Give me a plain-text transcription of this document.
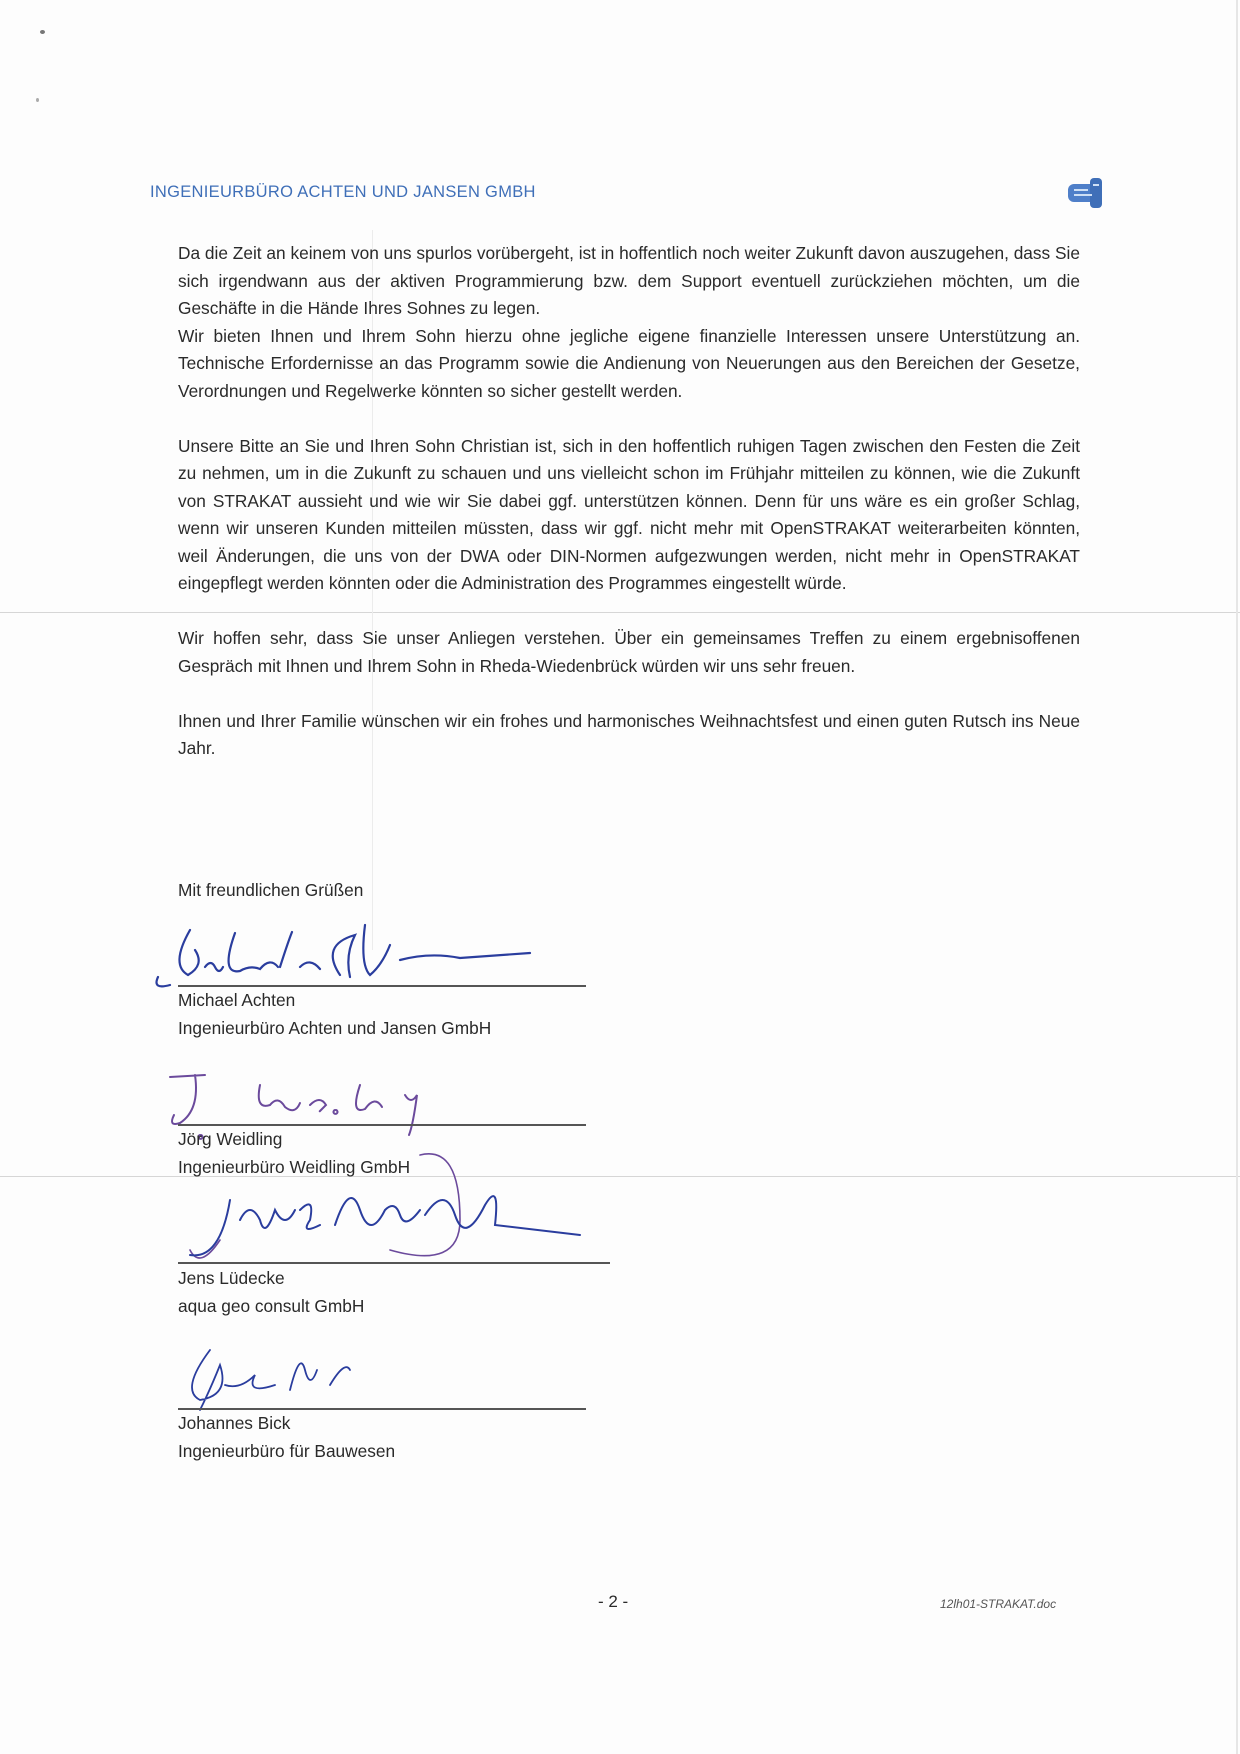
INGENIEURBÜRO ACHTEN UND JANSEN GMBH

Da die Zeit an keinem von uns spurlos vorübergeht, ist in hoffentlich noch weiter Zukunft davon auszugehen, dass Sie sich irgendwann aus der aktiven Programmierung bzw. dem Support eventuell zurückziehen möchten, um die Geschäfte in die Hände Ihres Sohnes zu legen.

Wir bieten Ihnen und Ihrem Sohn hierzu ohne jegliche eigene finanzielle Interessen unsere Unterstützung an. Technische Erfordernisse an das Programm sowie die Andienung von Neuerungen aus den Bereichen der Gesetze, Verordnungen und Regelwerke könnten so sicher gestellt werden.

Unsere Bitte an Sie und Ihren Sohn Christian ist, sich in den hoffentlich ruhigen Tagen zwischen den Festen die Zeit zu nehmen, um in die Zukunft zu schauen und uns vielleicht schon im Frühjahr mitteilen zu können, wie die Zukunft von STRAKAT aussieht und wie wir Sie dabei ggf. unterstützen können. Denn für uns wäre es ein großer Schlag, wenn wir unseren Kunden mitteilen müssten, dass wir ggf. nicht mehr mit OpenSTRAKAT weiterarbeiten könnten, weil Änderungen, die uns von der DWA oder DIN-Normen aufgezwungen werden, nicht mehr in OpenSTRAKAT eingepflegt werden könnten oder die Administration des Programmes eingestellt würde.

Wir hoffen sehr, dass Sie unser Anliegen verstehen. Über ein gemeinsames Treffen zu einem ergebnisoffenen Gespräch mit Ihnen und Ihrem Sohn in Rheda-Wiedenbrück würden wir uns sehr freuen.

Ihnen und Ihrer Familie wünschen wir ein frohes und harmonisches Weihnachtsfest und einen guten Rutsch ins Neue Jahr.

Mit freundlichen Grüßen
Michael Achten
Ingenieurbüro Achten und Jansen GmbH
Jörg Weidling
Ingenieurbüro Weidling GmbH
Jens Lüdecke
aqua geo consult GmbH
Johannes Bick
Ingenieurbüro für Bauwesen
- 2 -	12lh01-STRAKAT.doc
